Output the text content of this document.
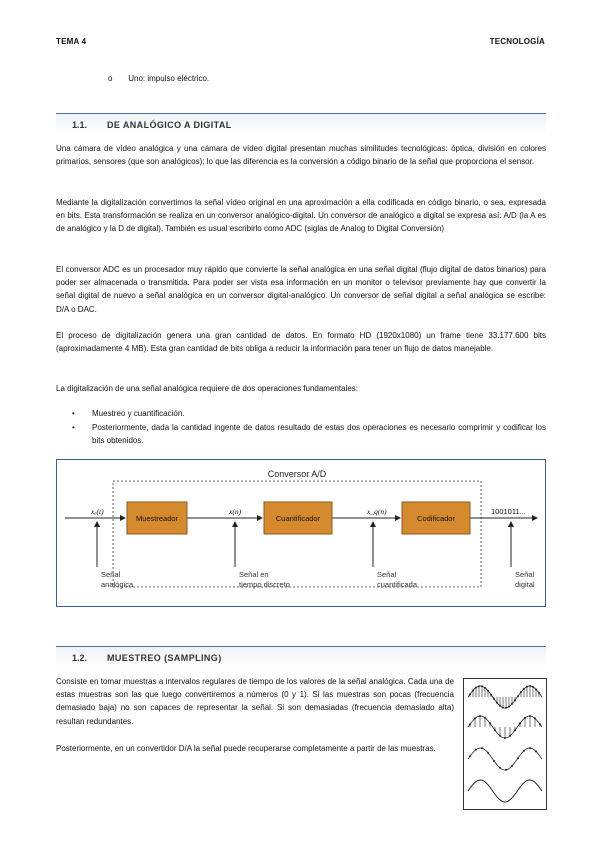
TEMA 4	TECNOLOGÍA
o Uno: impulso eléctrico.
1.1. DE ANALÓGICO A DIGITAL
Una cámara de vídeo analógica y una cámara de vídeo digital presentan muchas similitudes tecnológicas: óptica, división en colores primarios, sensores (que son analógicos); lo que las diferencia es la conversión a código binario de la señal que proporciona el sensor.
Mediante la digitalización convertimos la señal vídeo original en una aproximación a ella codificada en código binario, o sea, expresada en bits. Esta transformación se realiza en un conversor analógico-digital. Un conversor de analógico a digital se expresa así: A/D (la A es de analógico y la D de digital). También es usual escribirlo como ADC (siglas de Analog to Digital Conversión)
El conversor ADC es un procesador muy rápido que convierte la señal analógica en una señal digital (flujo digital de datos binarios) para poder ser almacenada o transmitida. Para poder ser vista esa información en un monitor o televisor previamente hay que convertir la señal digital de nuevo a señal analógica en un conversor digital-analógico. Un conversor de señal digital a señal analógica se escribe: D/A o DAC.
El proceso de digitalización genera una gran cantidad de datos. En formato HD (1920x1080) un frame tiene 33.177.600 bits (aproximadamente 4 MB). Esta gran cantidad de bits obliga a reducir la información para tener un flujo de datos manejable.
La digitalización de una señal analógica requiere de dos operaciones fundamentales:
• Muestreo y cuantificación.
• Posteriormente, dada la cantidad ingente de datos resultado de estas dos operaciones es necesario comprimir y codificar los bits obtenidos.
Conversor A/D
Muestreador	Cuantificador	Codificador
xₐ(t)	x(n)	x_q(n)	1001011...
Señal
analógica
Señal en
tiempo discreto
Señal
cuantificada
Señal
digital
1.2. MUESTREO (SAMPLING)
Consiste en tomar muestras a intervalos regulares de tiempo de los valores de la señal analógica. Cada una de estas muestras son las que luego convertiremos a números (0 y 1). Si las muestras son pocas (frecuencia demasiado baja) no son capaces de representar la señal. Si son demasiadas (frecuencia demasiado alta) resultan redundantes.
Posteriormente, en un convertidor D/A la señal puede recuperarse completamente a partir de las muestras.
